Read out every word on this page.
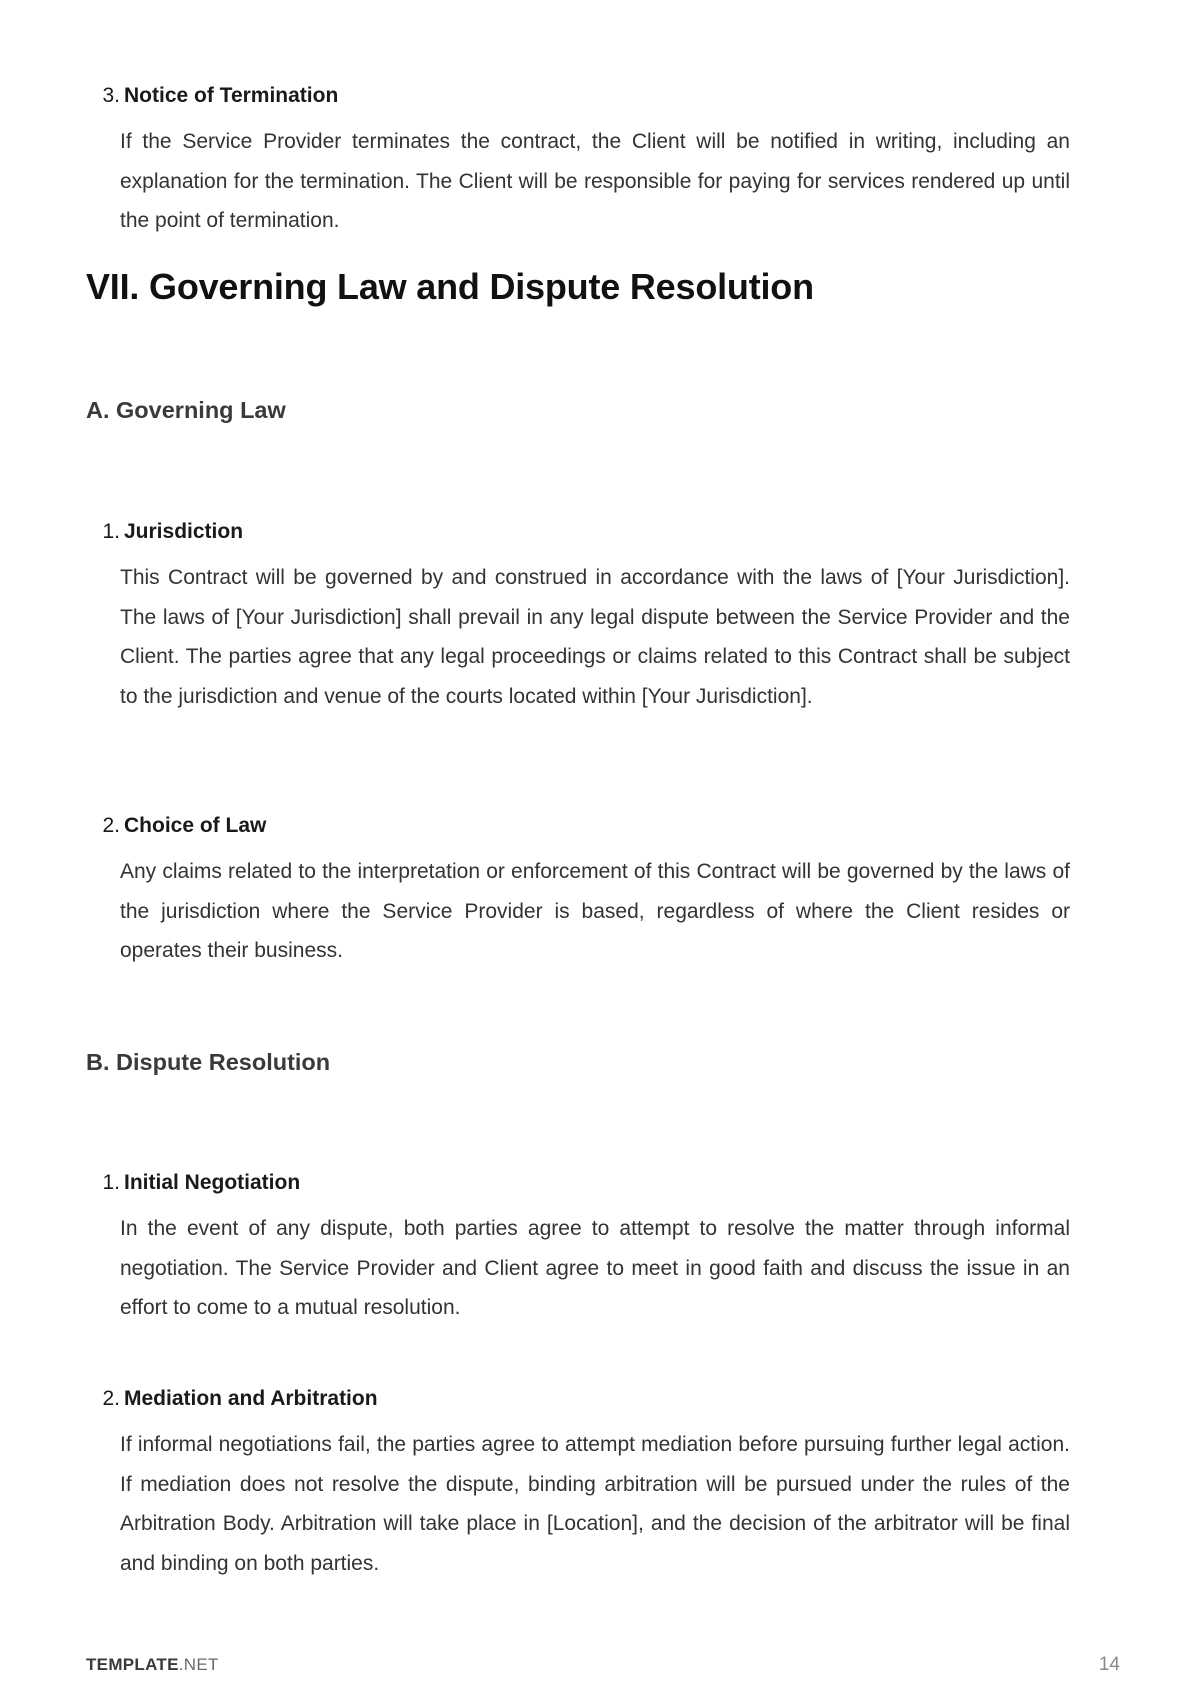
3. Notice of Termination
If the Service Provider terminates the contract, the Client will be notified in writing, including an explanation for the termination. The Client will be responsible for paying for services rendered up until the point of termination.
VII. Governing Law and Dispute Resolution
A. Governing Law
1. Jurisdiction
This Contract will be governed by and construed in accordance with the laws of [Your Jurisdiction]. The laws of [Your Jurisdiction] shall prevail in any legal dispute between the Service Provider and the Client. The parties agree that any legal proceedings or claims related to this Contract shall be subject to the jurisdiction and venue of the courts located within [Your Jurisdiction].
2. Choice of Law
Any claims related to the interpretation or enforcement of this Contract will be governed by the laws of the jurisdiction where the Service Provider is based, regardless of where the Client resides or operates their business.
B. Dispute Resolution
1. Initial Negotiation
In the event of any dispute, both parties agree to attempt to resolve the matter through informal negotiation. The Service Provider and Client agree to meet in good faith and discuss the issue in an effort to come to a mutual resolution.
2. Mediation and Arbitration
If informal negotiations fail, the parties agree to attempt mediation before pursuing further legal action. If mediation does not resolve the dispute, binding arbitration will be pursued under the rules of the Arbitration Body. Arbitration will take place in [Location], and the decision of the arbitrator will be final and binding on both parties.
TEMPLATE.NET	14
